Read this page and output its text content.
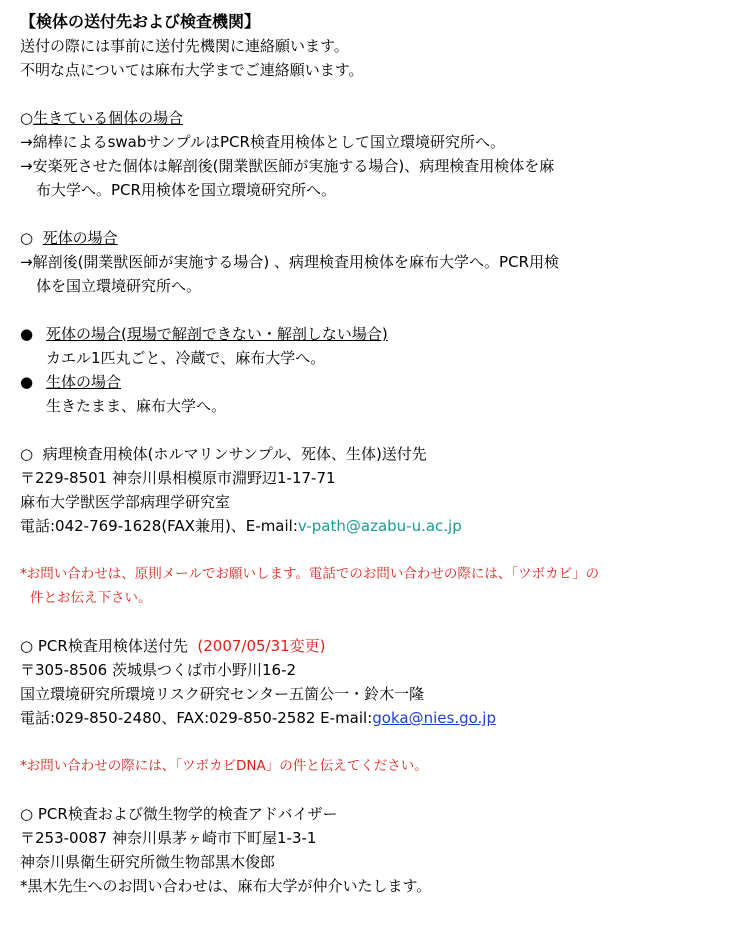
【検体の送付先および検査機関】
送付の際には事前に送付先機関に連絡願います。
不明な点については麻布大学までご連絡願います。
○生きている個体の場合
→綿棒によるswabサンプルはPCR検査用検体として国立環境研究所へ。
→安楽死させた個体は解剖後(開業獣医師が実施する場合)、病理検査用検体を麻
布大学へ。PCR用検体を国立環境研究所へ。
○ 死体の場合
→解剖後(開業獣医師が実施する場合) 、病理検査用検体を麻布大学へ。PCR用検
体を国立環境研究所へ。
● 死体の場合(現場で解剖できない・解剖しない場合)
カエル1匹丸ごと、冷蔵で、麻布大学へ。
● 生体の場合
生きたまま、麻布大学へ。
○ 病理検査用検体(ホルマリンサンプル、死体、生体)送付先
〒229-8501 神奈川県相模原市淵野辺1-17-71
麻布大学獣医学部病理学研究室
電話:042-769-1628(FAX兼用)、E-mail:v-path@azabu-u.ac.jp
*お問い合わせは、原則メールでお願いします。電話でのお問い合わせの際には、「ツボカビ」の
件とお伝え下さい。
○ PCR検査用検体送付先 (2007/05/31変更)
〒305-8506 茨城県つくば市小野川16-2
国立環境研究所環境リスク研究センター五箇公一・鈴木一隆
電話:029-850-2480、FAX:029-850-2582 E-mail:goka@nies.go.jp
*お問い合わせの際には、「ツボカビDNA」の件と伝えてください。
○ PCR検査および微生物学的検査アドバイザー
〒253-0087 神奈川県茅ヶ崎市下町屋1-3-1
神奈川県衛生研究所微生物部黒木俊郎
*黒木先生へのお問い合わせは、麻布大学が仲介いたします。
